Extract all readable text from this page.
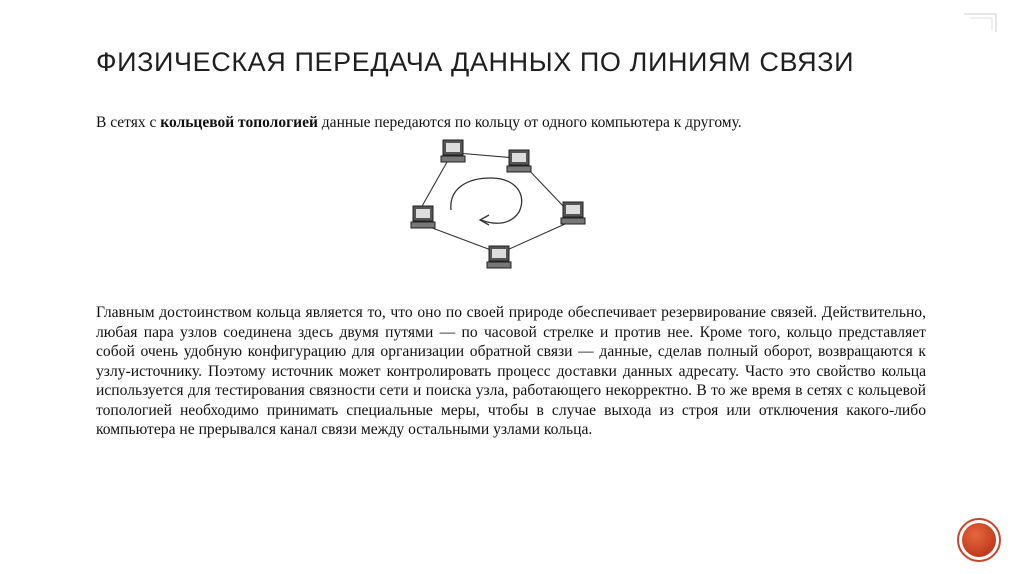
ФИЗИЧЕСКАЯ ПЕРЕДАЧА ДАННЫХ ПО ЛИНИЯМ СВЯЗИ
В сетях с кольцевой топологией данные передаются по кольцу от одного компьютера к другому.
Главным достоинством кольца является то, что оно по своей природе обеспечивает резервирование связей. Действительно, любая пара узлов соединена здесь двумя путями — по часовой стрелке и против нее. Кроме того, кольцо представляет собой очень удобную конфигурацию для организации обратной связи — данные, сделав полный оборот, возвращаются к узлу-источнику. Поэтому источник может контролировать процесс доставки данных адресату. Часто это свойство кольца используется для тестирования связности сети и поиска узла, работающего некорректно. В то же время в сетях с кольцевой топологией необходимо принимать специальные меры, чтобы в случае выхода из строя или отключения какого-либо компьютера не прерывался канал связи между остальными узлами кольца.
